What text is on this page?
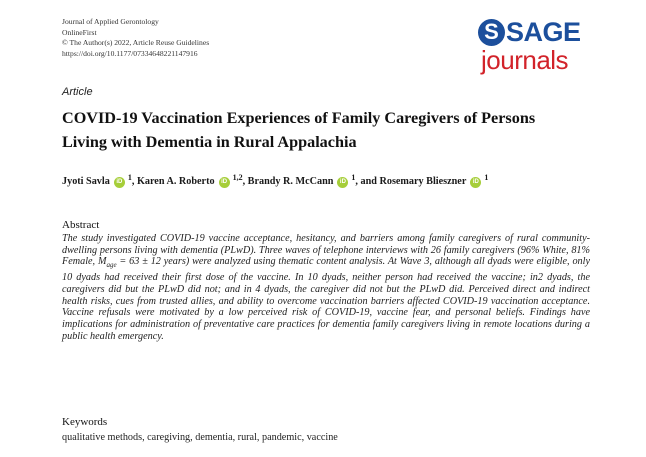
Journal of Applied Gerontology
OnlineFirst
© The Author(s) 2022, Article Reuse Guidelines
https://doi.org/10.1177/07334648221147916
S SAGE
journals
Article
COVID-19 Vaccination Experiences of Family Caregivers of Persons Living with Dementia in Rural Appalachia
Jyoti Savla	iD 1 , Karen A. Roberto	iD 1,2 , Brandy R. McCann	iD 1 , and Rosemary Blieszner	iD 1
Abstract
The study investigated COVID-19 vaccine acceptance, hesitancy, and barriers among family caregivers of rural community-dwelling persons living with dementia (PLwD). Three waves of telephone interviews with 26 family caregivers (96% White, 81% Female, $M_{age} = 63 \pm 12$ years) were analyzed using thematic content analysis. At Wave 3, although all dyads were eligible, only 10 dyads had received their first dose of the vaccine. In 10 dyads, neither person had received the vaccine; in2 dyads, the caregivers did but the PLwD did not; and in 4 dyads, the caregiver did not but the PLwD did. Perceived direct and indirect health risks, cues from trusted allies, and ability to overcome vaccination barriers affected COVID-19 vaccination acceptance. Vaccine refusals were motivated by a low perceived risk of COVID-19, vaccine fear, and personal beliefs. Findings have implications for administration of preventative care practices for dementia family caregivers living in remote locations during a public health emergency.
Keywords
qualitative methods, caregiving, dementia, rural, pandemic, vaccine
